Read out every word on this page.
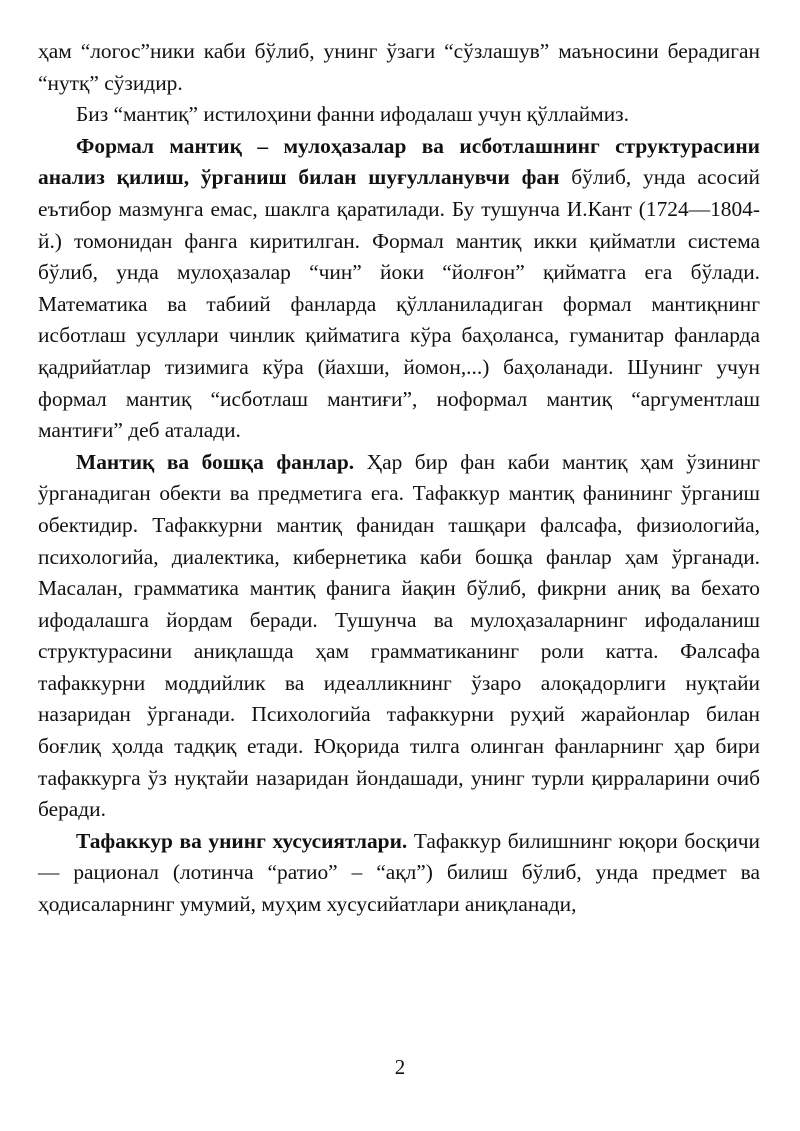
ҳам “логос”ники каби бўлиб, унинг ўзаги “сўзлашув” маъносини берадиган “нутқ” сўзидир.

Биз “мантиқ” истилоҳини фанни ифодалаш учун қўллаймиз.

Формал мантиқ – мулоҳазалар ва исботлашнинг структурасини анализ қилиш, ўрганиш билан шуғулланувчи фан бўлиб, унда асосий еътибор мазмунга емас, шаклга қаратилади. Бу тушунча И.Кант (1724—1804-й.) томонидан фанга киритилган. Формал мантиқ икки қийматли система бўлиб, унда мулоҳазалар “чин” йоки “йолғон” қийматга ега бўлади. Математика ва табиий фанларда қўлланиладиган формал мантиқнинг исботлаш усуллари чинлик қийматига кўра баҳоланса, гуманитар фанларда қадрийатлар тизимига кўра (йахши, йомон,...) баҳоланади. Шунинг учун формал мантиқ “исботлаш мантиғи”, нoформал мантиқ “аргументлаш мантиғи” деб аталади.

Мантиқ ва бошқа фанлар. Ҳар бир фан каби мантиқ ҳам ўзининг ўрганадиган обекти ва предметига ега. Тафаккур мантиқ фанининг ўрганиш обектидир. Тафаккурни мантиқ фанидан ташқари фалсафа, физиологийа, психологийа, диалектика, кибернетика каби бошқа фанлар ҳам ўрганади. Масалан, грамматика мантиқ фанига йақин бўлиб, фикрни аниқ ва бехато ифодалашга йордам беради. Тушунча ва мулоҳазаларнинг ифодаланиш структурасини аниқлашда ҳам грамматиканинг роли катта. Фалсафа тафаккурни моддийлик ва идеалликнинг ўзаро алоқадорлиги нуқтайи назаридан ўрганади. Психологийа тафаккурни руҳий жарайонлар билан боғлиқ ҳолда тадқиқ етади. Юқорида тилга олинган фанларнинг ҳар бири тафаккурга ўз нуқтайи назаридан йондашади, унинг турли қирраларини очиб беради.

Тафаккур ва унинг хусусиятлари. Тафаккур билишнинг юқори босқичи — рационал (лотинча “ратио” – “ақл”) билиш бўлиб, унда предмет ва ҳодисаларнинг умумий, муҳим хусусийатлари аниқланади,

2
